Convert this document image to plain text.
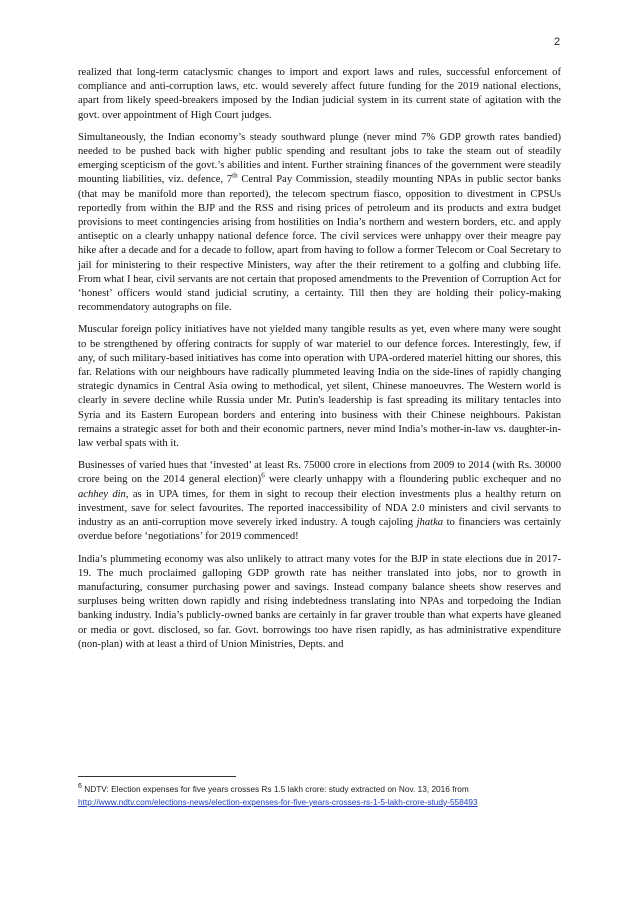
2

realized that long-term cataclysmic changes to import and export laws and rules, successful enforcement of compliance and anti-corruption laws, etc. would severely affect future funding for the 2019 national elections, apart from likely speed-breakers imposed by the Indian judicial system in its current state of agitation with the govt. over appointment of High Court judges.

Simultaneously, the Indian economy’s steady southward plunge (never mind 7% GDP growth rates bandied) needed to be pushed back with higher public spending and resultant jobs to take the steam out of steadily emerging scepticism of the govt.’s abilities and intent. Further straining finances of the government were steadily mounting liabilities, viz. defence, 7th Central Pay Commission, steadily mounting NPAs in public sector banks (that may be manifold more than reported), the telecom spectrum fiasco, opposition to divestment in CPSUs reportedly from within the BJP and the RSS and rising prices of petroleum and its products and extra budget provisions to meet contingencies arising from hostilities on India’s northern and western borders, etc. and apply antiseptic on a clearly unhappy national defence force. The civil services were unhappy over their meagre pay hike after a decade and for a decade to follow, apart from having to follow a former Telecom or Coal Secretary to jail for ministering to their respective Ministers, way after the their retirement to a golfing and clubbing life. From what I hear, civil servants are not certain that proposed amendments to the Prevention of Corruption Act for ‘honest’ officers would stand judicial scrutiny, a certainty. Till then they are holding their policy-making recommendatory autographs on file.

Muscular foreign policy initiatives have not yielded many tangible results as yet, even where many were sought to be strengthened by offering contracts for supply of war materiel to our defence forces. Interestingly, few, if any, of such military-based initiatives has come into operation with UPA-ordered materiel hitting our shores, this far. Relations with our neighbours have radically plummeted leaving India on the side-lines of rapidly changing strategic dynamics in Central Asia owing to methodical, yet silent, Chinese manoeuvres. The Western world is clearly in severe decline while Russia under Mr. Putin's leadership is fast spreading its military tentacles into Syria and its Eastern European borders and entering into business with their Chinese neighbours. Pakistan remains a strategic asset for both and their economic partners, never mind India’s mother-in-law vs. daughter-in-law verbal spats with it.

Businesses of varied hues that ‘invested’ at least Rs. 75000 crore in elections from 2009 to 2014 (with Rs. 30000 crore being on the 2014 general election)$^6$ were clearly unhappy with a floundering public exchequer and no achhey din, as in UPA times, for them in sight to recoup their election investments plus a healthy return on investment, save for select favourites. The reported inaccessibility of NDA 2.0 ministers and civil servants to industry as an anti-corruption move severely irked industry. A tough cajoling jhatka to financiers was certainly overdue before ‘negotiations’ for 2019 commenced!

India’s plummeting economy was also unlikely to attract many votes for the BJP in state elections due in 2017-19. The much proclaimed galloping GDP growth rate has neither translated into jobs, nor to growth in manufacturing, consumer purchasing power and savings. Instead company balance sheets show reserves and surpluses being written down rapidly and rising indebtedness translating into NPAs and torpedoing the Indian banking industry. India’s publicly-owned banks are certainly in far graver trouble than what experts have gleaned or media or govt. disclosed, so far. Govt. borrowings too have risen rapidly, as has administrative expenditure (non-plan) with at least a third of Union Ministries, Depts. and

$^6$ NDTV: Election expenses for five years crosses Rs 1.5 lakh crore: study extracted on Nov. 13, 2016 from
http://www.ndtv.com/elections-news/election-expenses-for-five-years-crosses-rs-1-5-lakh-crore-study-558493
